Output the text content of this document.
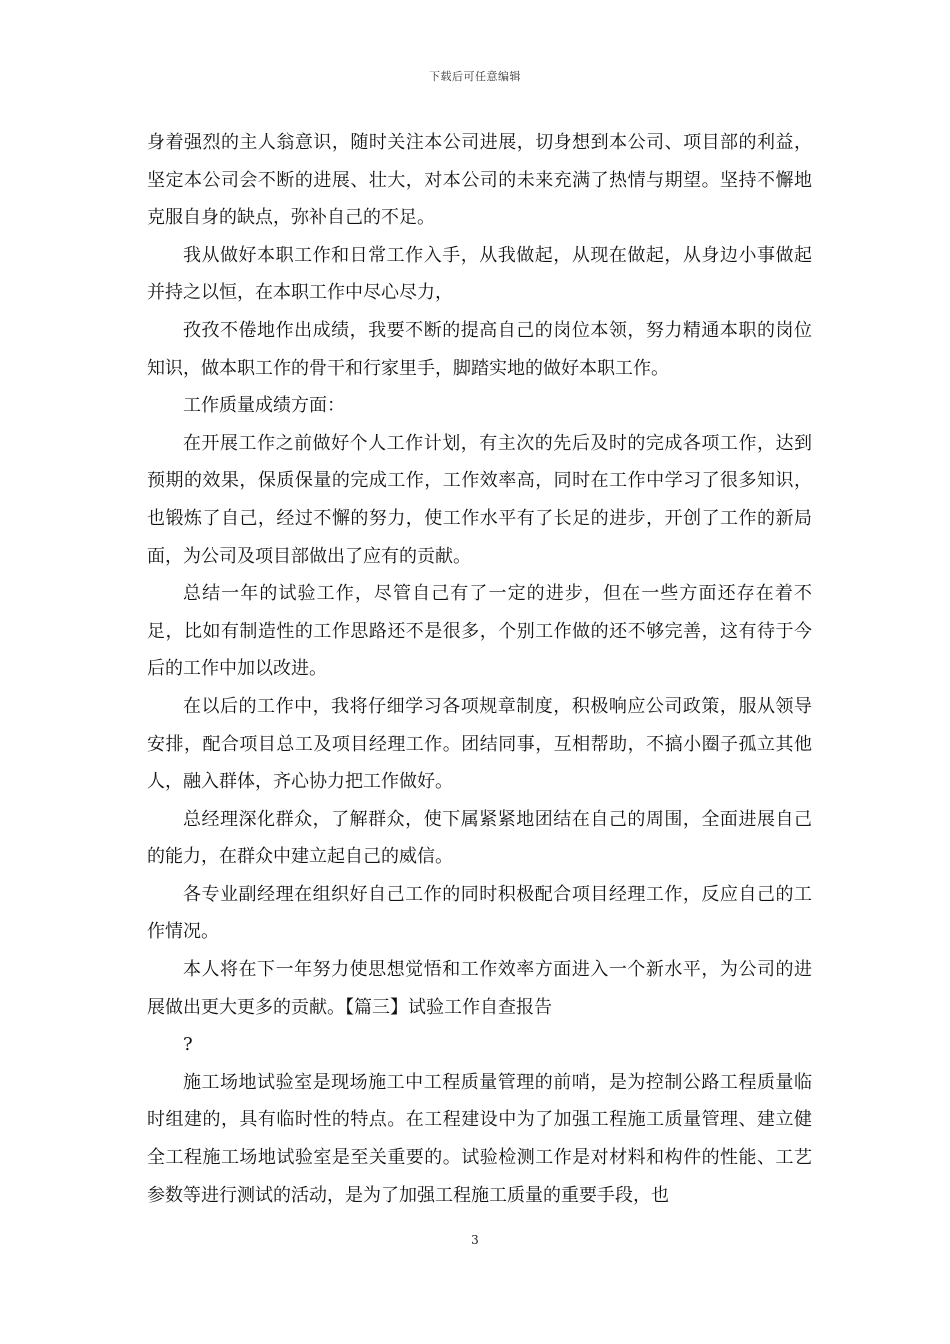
下载后可任意编辑

身着强烈的主人翁意识，随时关注本公司进展，切身想到本公司、项目部的利益，坚定本公司会不断的进展、壮大，对本公司的未来充满了热情与期望。坚持不懈地克服自身的缺点，弥补自己的不足。

我从做好本职工作和日常工作入手，从我做起，从现在做起，从身边小事做起并持之以恒，在本职工作中尽心尽力，

孜孜不倦地作出成绩，我要不断的提高自己的岗位本领，努力精通本职的岗位知识，做本职工作的骨干和行家里手，脚踏实地的做好本职工作。

工作质量成绩方面：

在开展工作之前做好个人工作计划，有主次的先后及时的完成各项工作，达到预期的效果，保质保量的完成工作，工作效率高，同时在工作中学习了很多知识，也锻炼了自己，经过不懈的努力，使工作水平有了长足的进步，开创了工作的新局面，为公司及项目部做出了应有的贡献。

总结一年的试验工作，尽管自己有了一定的进步，但在一些方面还存在着不足，比如有制造性的工作思路还不是很多，个别工作做的还不够完善，这有待于今后的工作中加以改进。

在以后的工作中，我将仔细学习各项规章制度，积极响应公司政策，服从领导安排，配合项目总工及项目经理工作。团结同事，互相帮助，不搞小圈子孤立其他人，融入群体，齐心协力把工作做好。

总经理深化群众，了解群众，使下属紧紧地团结在自己的周围，全面进展自己的能力，在群众中建立起自己的威信。

各专业副经理在组织好自己工作的同时积极配合项目经理工作，反应自己的工作情况。

本人将在下一年努力使思想觉悟和工作效率方面进入一个新水平，为公司的进展做出更大更多的贡献。【篇三】试验工作自查报告

?

施工场地试验室是现场施工中工程质量管理的前哨，是为控制公路工程质量临时组建的，具有临时性的特点。在工程建设中为了加强工程施工质量管理、建立健全工程施工场地试验室是至关重要的。试验检测工作是对材料和构件的性能、工艺参数等进行测试的活动，是为了加强工程施工质量的重要手段，也

3
